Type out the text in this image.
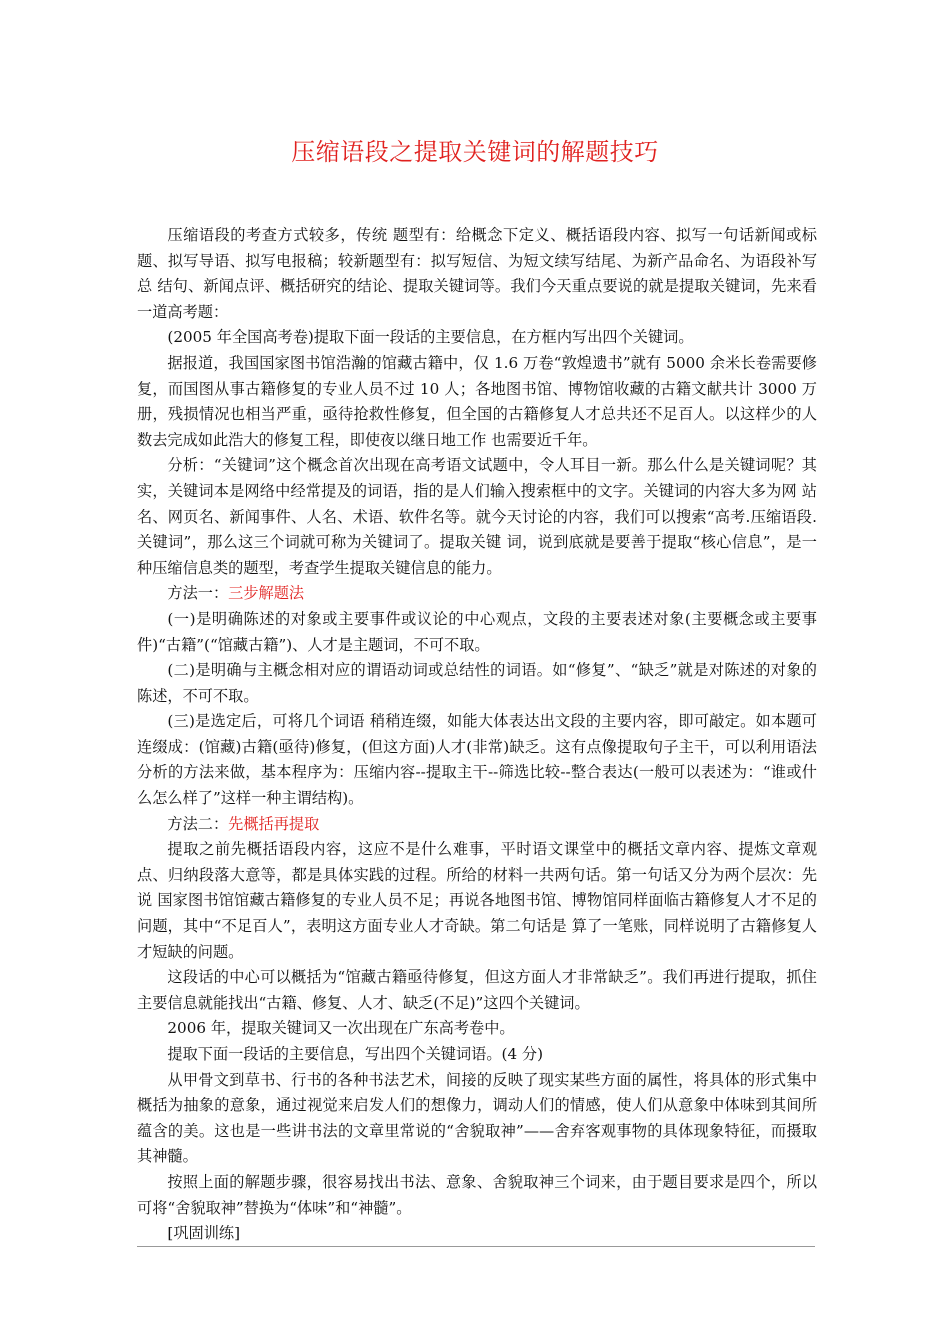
压缩语段之提取关键词的解题技巧

压缩语段的考查方式较多，传统 题型有：给概念下定义、概括语段内容、拟写一句话新闻或标题、拟写导语、拟写电报稿；较新题型有：拟写短信、为短文续写结尾、为新产品命名、为语段补写总 结句、新闻点评、概括研究的结论、提取关键词等。我们今天重点要说的就是提取关键词，先来看一道高考题：

(2005 年全国高考卷)提取下面一段话的主要信息，在方框内写出四个关键词。

据报道，我国国家图书馆浩瀚的馆藏古籍中，仅 1.6 万卷“敦煌遗书”就有 5000 余米长卷需要修复，而国图从事古籍修复的专业人员不过 10 人；各地图书馆、博物馆收藏的古籍文献共计 3000 万册，残损情况也相当严重，亟待抢救性修复，但全国的古籍修复人才总共还不足百人。以这样少的人数去完成如此浩大的修复工程，即使夜以继日地工作 也需要近千年。

分析：“关键词”这个概念首次出现在高考语文试题中，令人耳目一新。那么什么是关键词呢？其实，关键词本是网络中经常提及的词语，指的是人们输入搜索框中的文字。关键词的内容大多为网 站名、网页名、新闻事件、人名、术语、软件名等。就今天讨论的内容，我们可以搜索“高考.压缩语段.关键词”，那么这三个词就可称为关键词了。提取关键 词，说到底就是要善于提取“核心信息”，是一种压缩信息类的题型，考查学生提取关键信息的能力。

方法一：三步解题法

(一)是明确陈述的对象或主要事件或议论的中心观点，文段的主要表述对象(主要概念或主要事件)“古籍”(“馆藏古籍”)、人才是主题词，不可不取。

(二)是明确与主概念相对应的谓语动词或总结性的词语。如“修复”、“缺乏”就是对陈述的对象的陈述，不可不取。

(三)是选定后，可将几个词语 稍稍连缀，如能大体表达出文段的主要内容，即可敲定。如本题可连缀成：(馆藏)古籍(亟待)修复，(但这方面)人才(非常)缺乏。这有点像提取句子主干，可以利用语法分析的方法来做，基本程序为：压缩内容--提取主干--筛选比较--整合表达(一般可以表述为：“谁或什么怎么样了”这样一种主谓结构)。

方法二：先概括再提取

提取之前先概括语段内容，这应不是什么难事，平时语文课堂中的概括文章内容、提炼文章观点、归纳段落大意等，都是具体实践的过程。所给的材料一共两句话。第一句话又分为两个层次：先说 国家图书馆馆藏古籍修复的专业人员不足；再说各地图书馆、博物馆同样面临古籍修复人才不足的问题，其中“不足百人”，表明这方面专业人才奇缺。第二句话是 算了一笔账，同样说明了古籍修复人才短缺的问题。

这段话的中心可以概括为“馆藏古籍亟待修复，但这方面人才非常缺乏”。我们再进行提取，抓住主要信息就能找出“古籍、修复、人才、缺乏(不足)”这四个关键词。

2006 年，提取关键词又一次出现在广东高考卷中。

提取下面一段话的主要信息，写出四个关键词语。(4 分)

从甲骨文到草书、行书的各种书法艺术，间接的反映了现实某些方面的属性，将具体的形式集中概括为抽象的意象，通过视觉来启发人们的想像力，调动人们的情感，使人们从意象中体味到其间所 蕴含的美。这也是一些讲书法的文章里常说的“舍貌取神”——舍弃客观事物的具体现象特征，而摄取其神髓。

按照上面的解题步骤，很容易找出书法、意象、舍貌取神三个词来，由于题目要求是四个，所以可将“舍貌取神”替换为“体味”和“神髓”。

[巩固训练]
